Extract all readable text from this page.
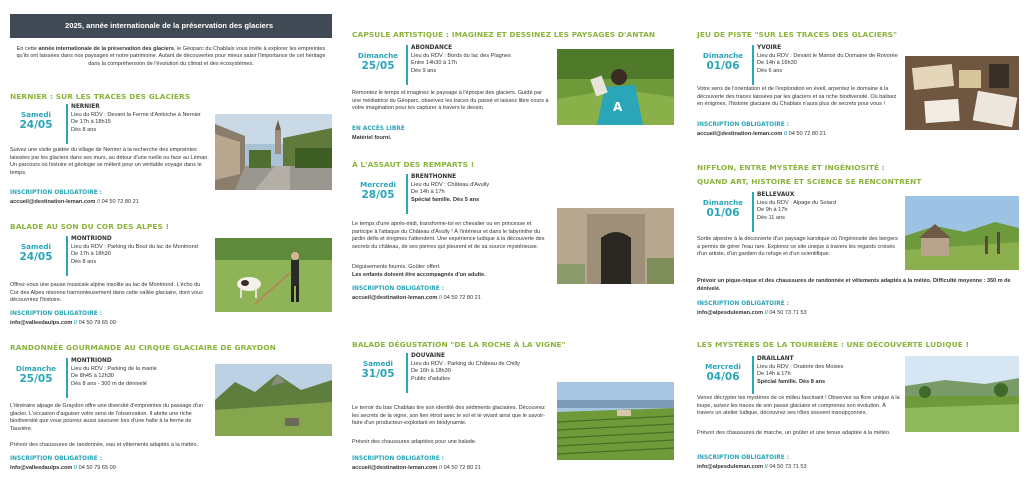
2025, année internationale de la préservation des glaciers
En cette année internationale de la préservation des glaciers, le Géoparc du Chablais vous invite à explorer les empreintes qu'ils ont laissées dans nos paysages et notre patrimoine. Autant de découvertes pour mieux saisir l'importance de cet héritage dans la compréhension de l'évolution du climat et des écosystèmes.
NERNIER : SUR LES TRACES DES GLACIERS
Samedi
24/05
NERNIER
Lieu du RDV : Devant la Ferme d'Antioche à Nernier
De 17h à 18h15
Dès 8 ans
Suivez une visite guidée du village de Nernier à la recherche des empreintes laissées par les glaciers dans ses murs, au détour d'une ruelle ou face au Léman. Un parcours où histoire et géologie se mêlent pour un véritable voyage dans le temps.
INSCRIPTION OBLIGATOIRE :
accueil@destination-leman.com // 04 50 72 80 21
BALADE AU SON DU COR DES ALPES !
Samedi
24/05
MONTRIOND
Lieu du RDV : Parking du Bout du lac de Montriond
De 17h à 18h30
Dès 8 ans
Offrez-vous une pause musicale alpine insolite au lac de Montriond. L'écho du Cor des Alpes résonne harmonieusement dans cette vallée glaciaire, dont vous découvrirez l'histoire.
INSCRIPTION OBLIGATOIRE :
info@valleedaulps.com // 04 50 79 65 09
RANDONNÉE GOURMANDE AU CIRQUE GLACIAIRE DE GRAYDON
Dimanche
25/05
MONTRIOND
Lieu du RDV : Parking de la mairie
De 8h45 à 12h30
Dès 8 ans - 300 m de dénivelé
L'itinéraire alpage de Graydon offre une diversité d'empreintes du passage d'un glacier. L'occasion d'aiguiser votre sens de l'observation. Il abrite une riche biodiversité que vous pourrez aussi savourer lors d'une halte à la ferme de Tauvière.
Prévoir des chaussures de randonnée, eau et vêtements adaptés à la météo.
INSCRIPTION OBLIGATOIRE :
info@valleedaulps.com // 04 50 79 65 09
CAPSULE ARTISTIQUE : IMAGINEZ ET DESSINEZ LES PAYSAGES D'ANTAN
Dimanche
25/05
ABONDANCE
Lieu du RDV : Bords du lac des Plagnes
Entre 14h30 à 17h
Dès 9 ans
A
Remontez le temps et imaginez le paysage à l'époque des glaciers. Guidé par une médiatrice du Géoparc, observez les traces du passé et laissez libre cours à votre imagination pour les capturer à travers le dessin.
EN ACCÈS LIBRE
Matériel fourni.
À L'ASSAUT DES REMPARTS !
Mercredi
28/05
BRENTHONNE
Lieu du RDV : Château d'Avully
De 14h à 17h
Spécial famille. Dès 5 ans
Le temps d'une après-midi, transforme-toi en chevalier ou en princesse et participe à l'attaque du Château d'Avully ! À l'intérieur et dans le labyrinthe du jardin défis et énigmes t'attendent. Une expérience ludique à la découverte des secrets du château, de ses pierres qui pleurent et de sa source mystérieuse.
Déguisements fournis. Goûter offert.
Les enfants doivent être accompagnés d'un adulte.
INSCRIPTION OBLIGATOIRE :
accueil@destination-leman.com // 04 50 72 80 21
BALADE DÉGUSTATION "DE LA ROCHE À LA VIGNE"
Samedi
31/05
DOUVAINE
Lieu du RDV : Parking du Château de Chilly
De 16h à 18h30
Public d'adultes
Le terroir du bas Chablais tire son identité des sédiments glaciaires. Découvrez les secrets de la vigne, son lien étroit avec le sol et le vivant ainsi que le savoir-faire d'un producteur-exploitant en biodynamie.
Prévoir des chaussures adaptées pour une balade.
INSCRIPTION OBLIGATOIRE :
accueil@destination-leman.com // 04 50 72 80 21
JEU DE PISTE "SUR LES TRACES DES GLACIERS"
Dimanche
01/06
YVOIRE
Lieu du RDV : Devant le Manoir du Domaine de Rovorée
De 14h à 16h30
Dès 6 ans
Votre sens de l'orientation et de l'exploration en éveil, arpentez le domaine à la découverte des traces laissées par les glaciers et sa riche biodiversité. Où balisez en énigmes, l'histoire glaciaire du Chablais n'aura plus de secrets pour vous !
INSCRIPTION OBLIGATOIRE :
accueil@destination-leman.com // 04 50 72 80 21
NIFFLON, ENTRE MYSTÈRE ET INGÉNIOSITÉ :
QUAND ART, HISTOIRE ET SCIENCE SE RENCONTRENT
Dimanche
01/06
BELLEVAUX
Lieu du RDV : Alpage du Soiard
De 9h à 17h
Dès 11 ans
Sortie alpestre à la découverte d'un paysage karstique où l'ingéniosité des bergers a permis de gérer l'eau rare. Explorez ce site unique à travers les regards croisés d'un artiste, d'un gardien du refuge et d'un scientifique.
Prévoir un pique-nique et des chaussures de randonnée et vêtements adaptés à la météo. Difficulté moyenne : 350 m de dénivelé.
INSCRIPTION OBLIGATOIRE :
info@alpesduleman.com // 04 50 73 71 53
LES MYSTÈRES DE LA TOURBIÈRE : UNE DÉCOUVERTE LUDIQUE !
Mercredi
04/06
DRAILLANT
Lieu du RDV : Oratoire des Moises
De 14h à 17h
Spécial famille. Dès 8 ans
Venez décrypter les mystères de ce milieu fascinant ! Observez sa flore unique à la loupe, suivez les traces de son passé glaciaire et comprenez son évolution. À travers un atelier ludique, découvrez ses rôles souvent insoupçonnés.
Prévoir des chaussures de marche, un goûter et une tenue adaptée à la météo.
INSCRIPTION OBLIGATOIRE :
info@alpesduleman.com // 04 50 73 71 53
